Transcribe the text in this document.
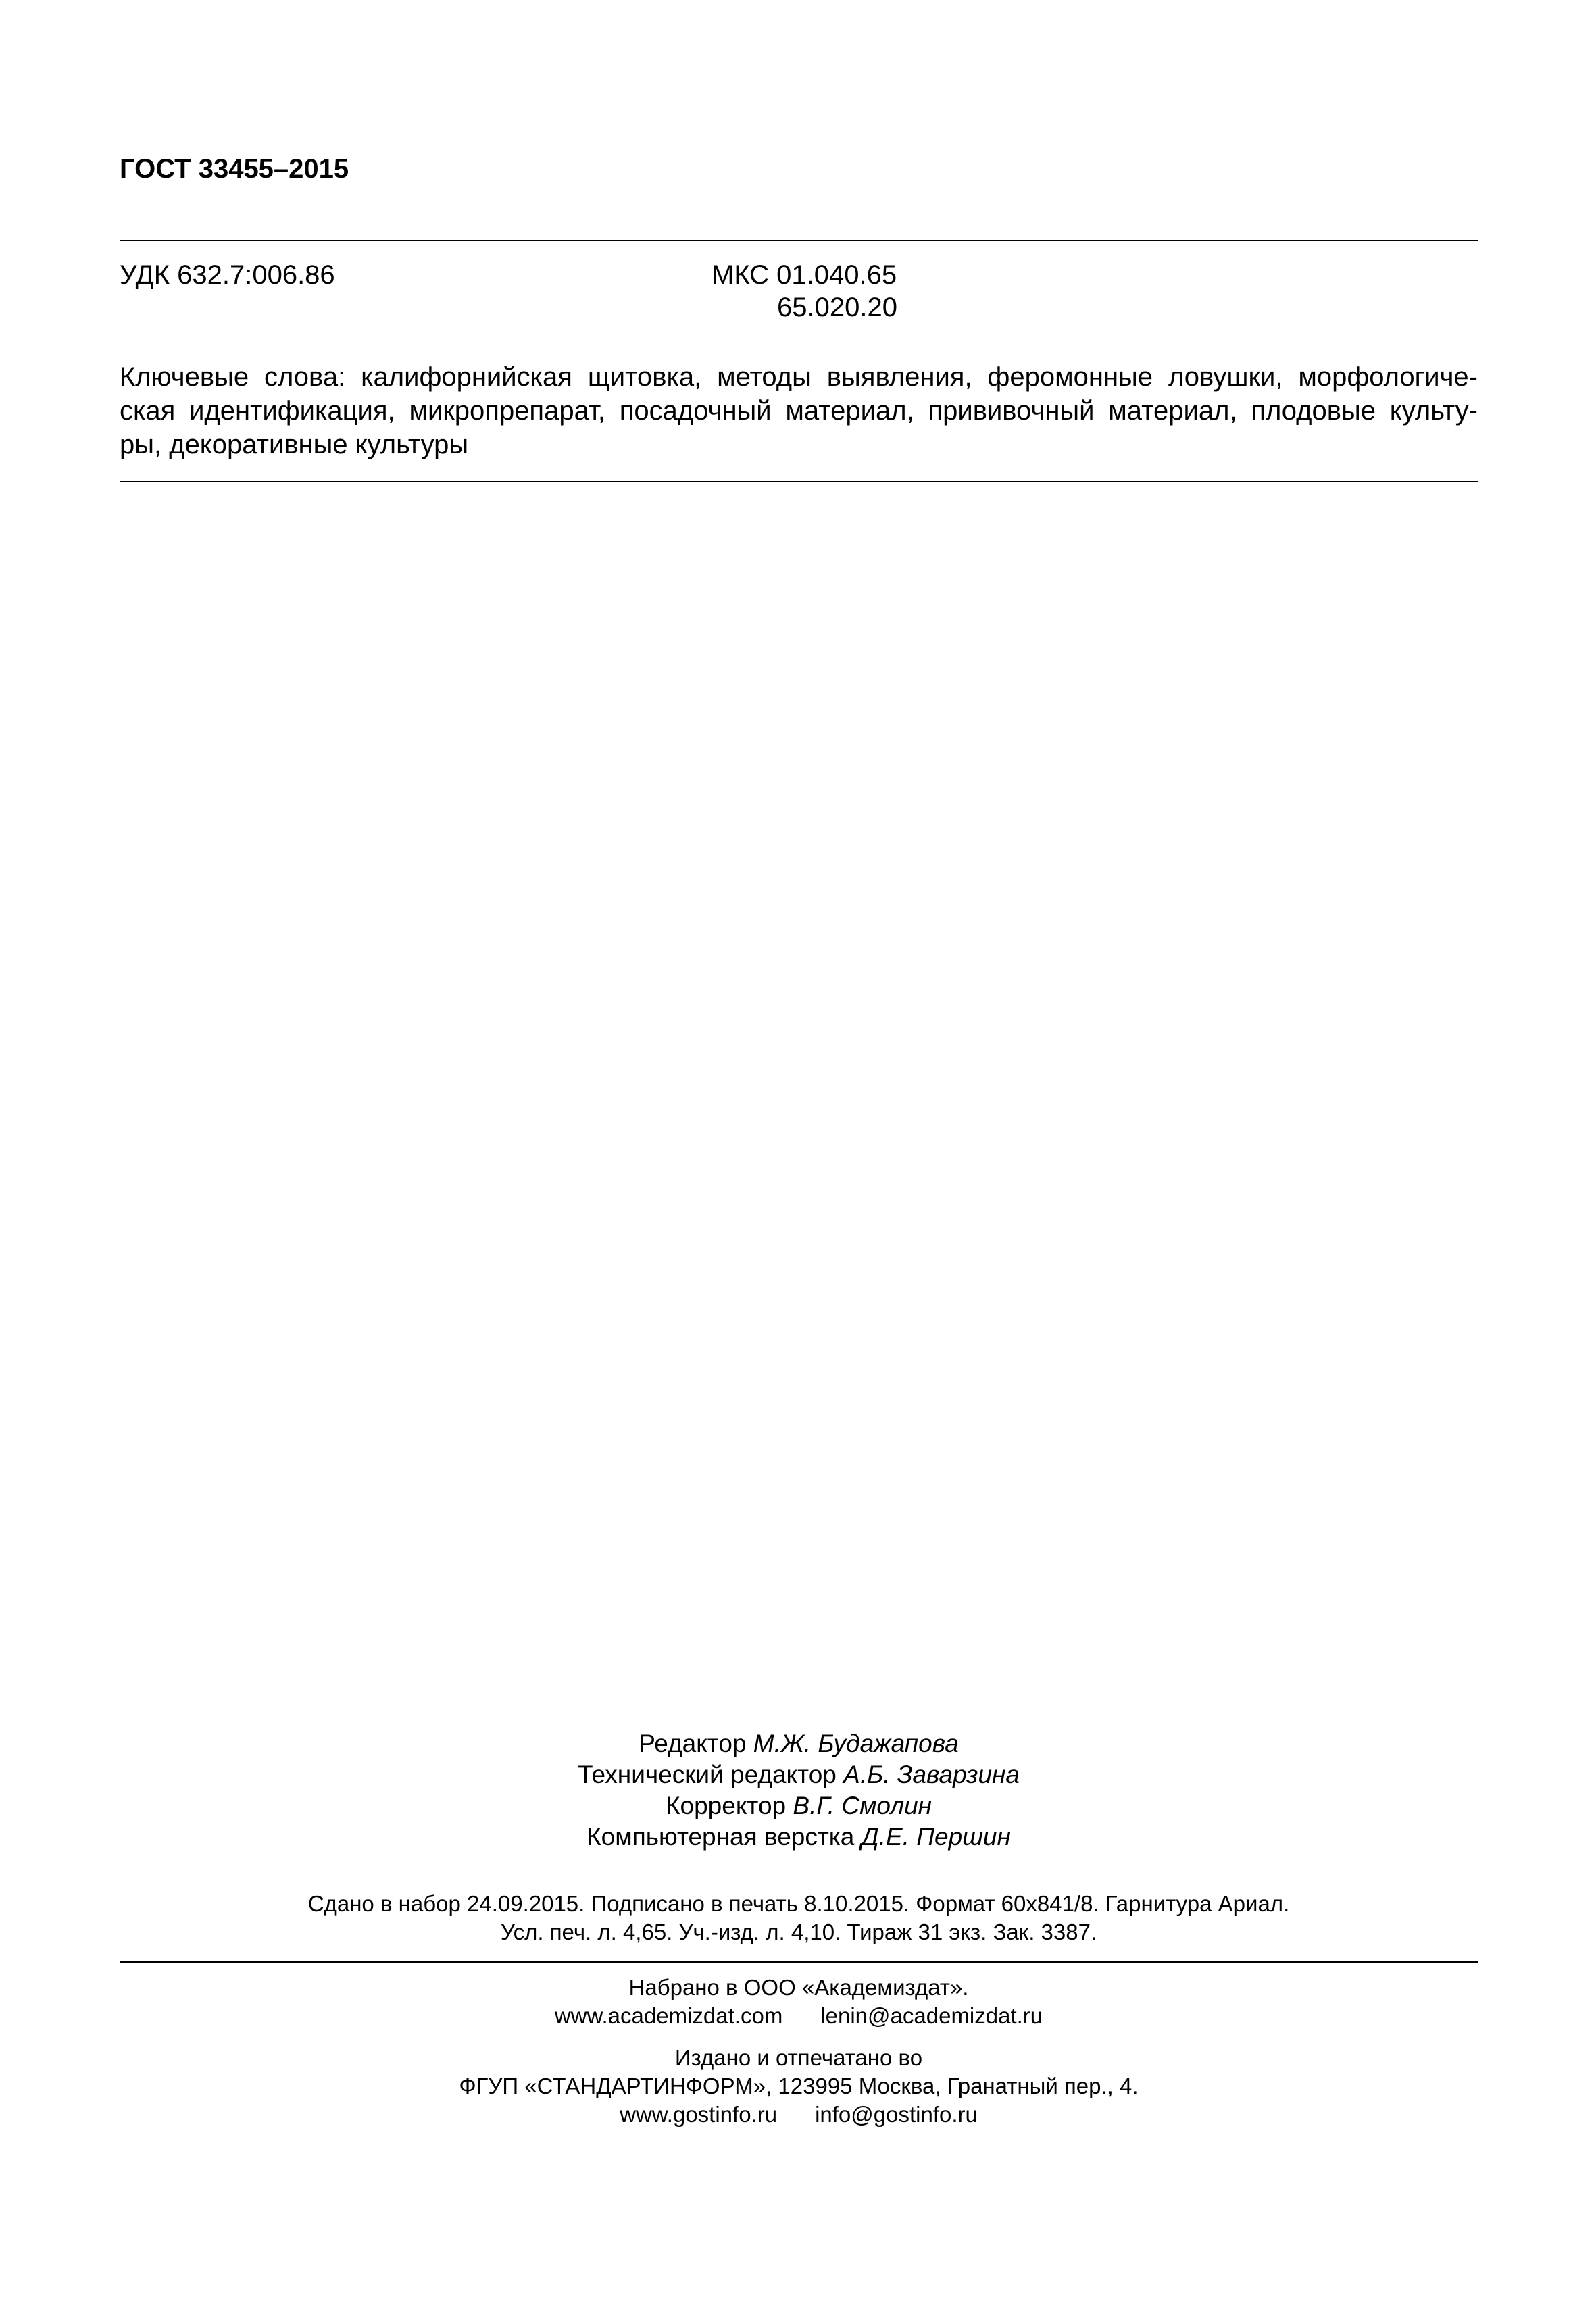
ГОСТ 33455–2015
УДК 632.7:006.86	МКС 01.040.65
65.020.20
Ключевые слова: калифорнийская щитовка, методы выявления, феромонные ловушки, морфологиче-
ская идентификация, микропрепарат, посадочный материал, прививочный материал, плодовые культу-
ры, декоративные культуры
Редактор М.Ж. Будажапова
Технический редактор А.Б. Заварзина
Корректор В.Г. Смолин
Компьютерная верстка Д.Е. Першин
Сдано в набор 24.09.2015. Подписано в печать 8.10.2015. Формат 60х841/8. Гарнитура Ариал.
Усл. печ. л. 4,65. Уч.-изд. л. 4,10. Тираж 31 экз. Зак. 3387.
Набрано в ООО «Академиздат».
www.academizdat.com lenin@academizdat.ru
Издано и отпечатано во
ФГУП «СТАНДАРТИНФОРМ», 123995 Москва, Гранатный пер., 4.
www.gostinfo.ru info@gostinfo.ru
